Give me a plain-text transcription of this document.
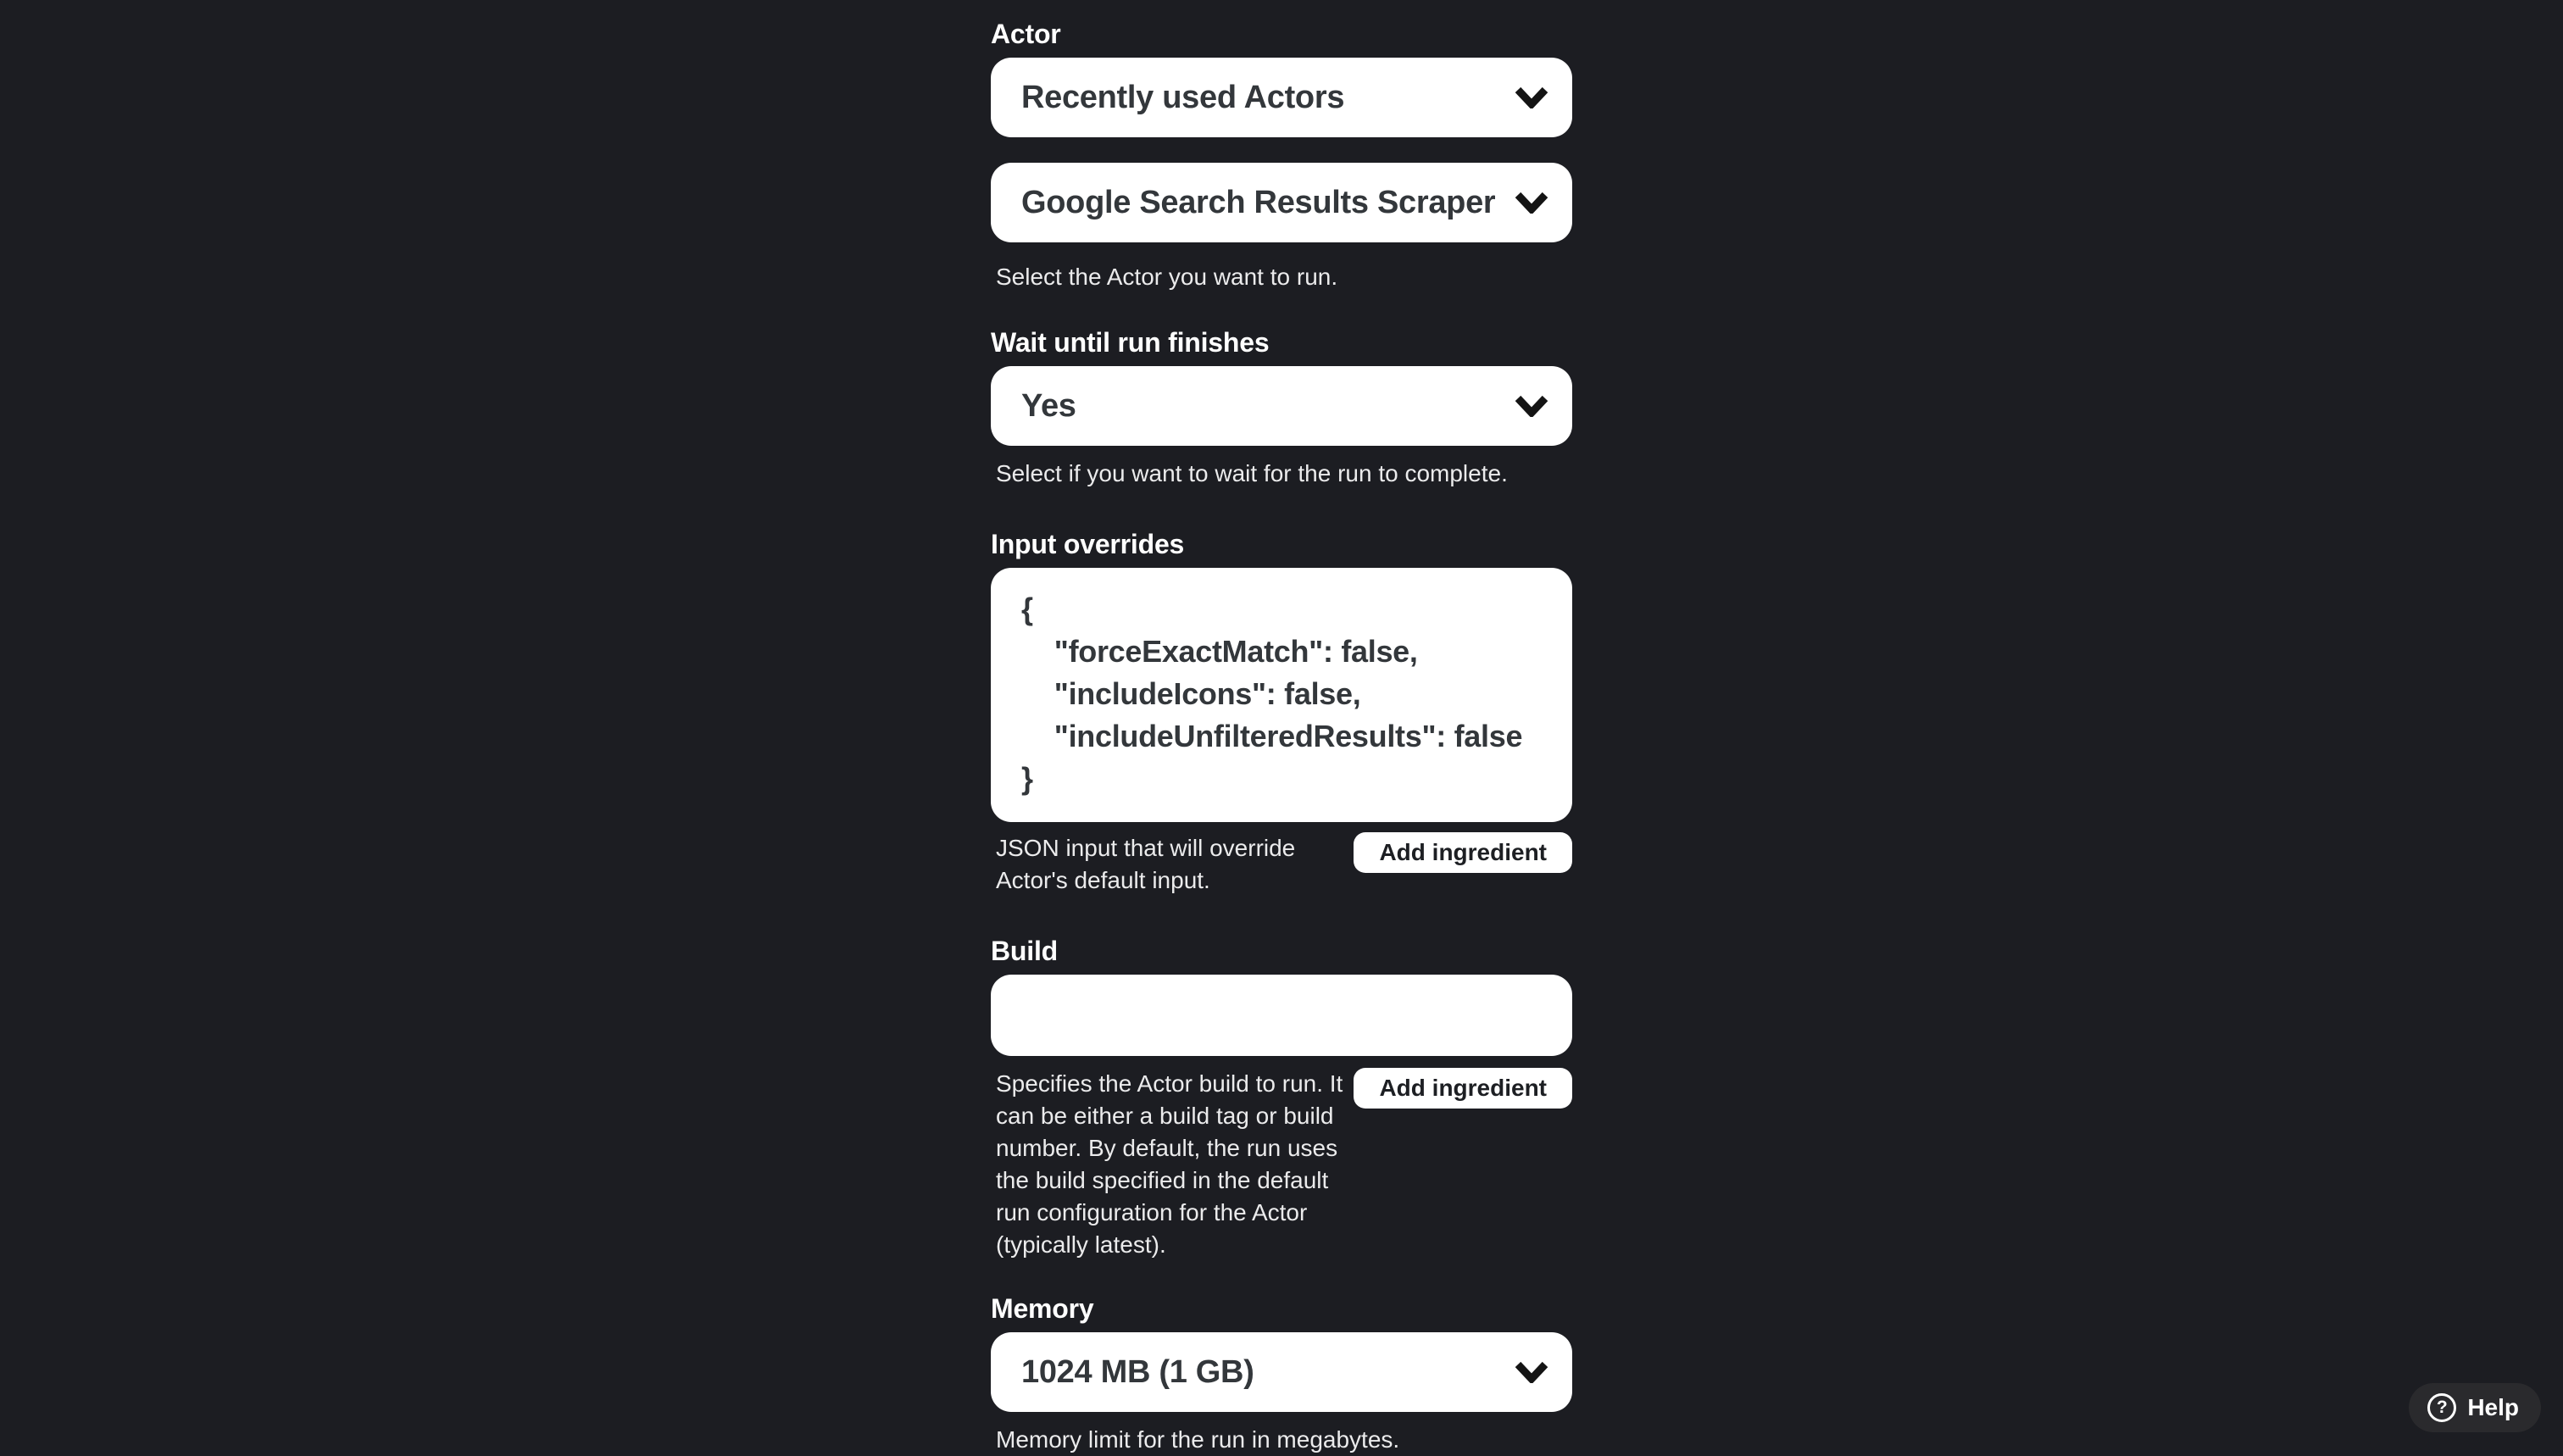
Actor
Recently used Actors
Google Search Results Scraper
Select the Actor you want to run.
Wait until run finishes
Yes
Select if you want to wait for the run to complete.
Input overrides
{ "forceExactMatch": false, "includeIcons": false, "includeUnfilteredResults": false }
JSON input that will override Actor's default input.
Add ingredient
Build
Specifies the Actor build to run. It can be either a build tag or build number. By default, the run uses the build specified in the default run configuration for the Actor (typically latest).
Add ingredient
Memory
1024 MB (1 GB)
Memory limit for the run in megabytes.
? Help
